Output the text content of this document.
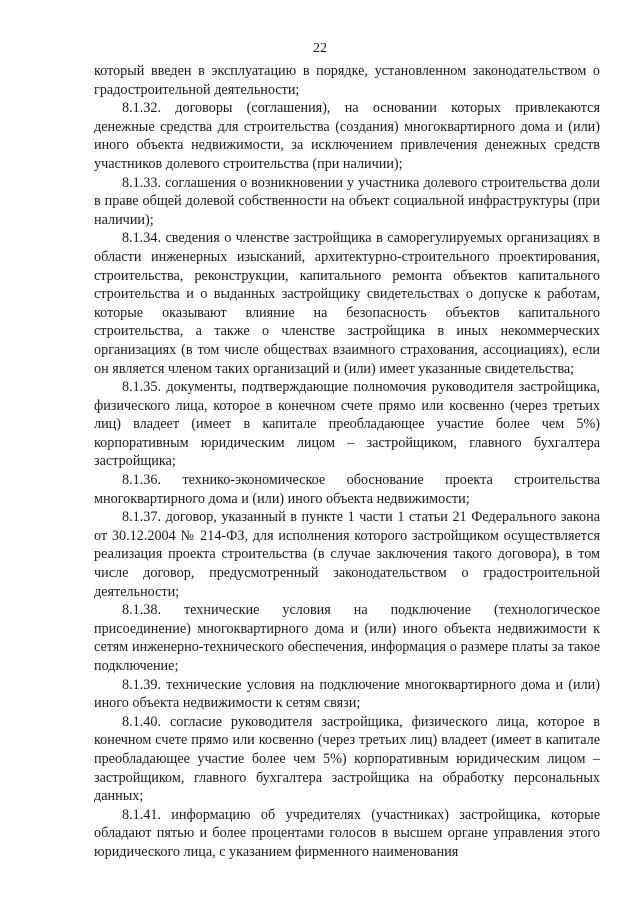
22

который введен в эксплуатацию в порядке, установленном законодательством о градостроительной деятельности;

8.1.32. договоры (соглашения), на основании которых привлекаются денежные средства для строительства (создания) многоквартирного дома и (или) иного объекта недвижимости, за исключением привлечения денежных средств участников долевого строительства (при наличии);

8.1.33. соглашения о возникновении у участника долевого строительства доли в праве общей долевой собственности на объект социальной инфраструктуры (при наличии);

8.1.34. сведения о членстве застройщика в саморегулируемых организациях в области инженерных изысканий, архитектурно-строительного проектирования, строительства, реконструкции, капитального ремонта объектов капитального строительства и о выданных застройщику свидетельствах о допуске к работам, которые оказывают влияние на безопасность объектов капитального строительства, а также о членстве застройщика в иных некоммерческих организациях (в том числе обществах взаимного страхования, ассоциациях), если он является членом таких организаций и (или) имеет указанные свидетельства;

8.1.35. документы, подтверждающие полномочия руководителя застройщика, физического лица, которое в конечном счете прямо или косвенно (через третьих лиц) владеет (имеет в капитале преобладающее участие более чем 5%) корпоративным юридическим лицом – застройщиком, главного бухгалтера застройщика;

8.1.36. технико-экономическое обоснование проекта строительства многоквартирного дома и (или) иного объекта недвижимости;

8.1.37. договор, указанный в пункте 1 части 1 статьи 21 Федерального закона от 30.12.2004 № 214-ФЗ, для исполнения которого застройщиком осуществляется реализация проекта строительства (в случае заключения такого договора), в том числе договор, предусмотренный законодательством о градостроительной деятельности;

8.1.38. технические условия на подключение (технологическое присоединение) многоквартирного дома и (или) иного объекта недвижимости к сетям инженерно-технического обеспечения, информация о размере платы за такое подключение;

8.1.39. технические условия на подключение многоквартирного дома и (или) иного объекта недвижимости к сетям связи;

8.1.40. согласие руководителя застройщика, физического лица, которое в конечном счете прямо или косвенно (через третьих лиц) владеет (имеет в капитале преобладающее участие более чем 5%) корпоративным юридическим лицом – застройщиком, главного бухгалтера застройщика на обработку персональных данных;

8.1.41. информацию об учредителях (участниках) застройщика, которые обладают пятью и более процентами голосов в высшем органе управления этого юридического лица, с указанием фирменного наименования
